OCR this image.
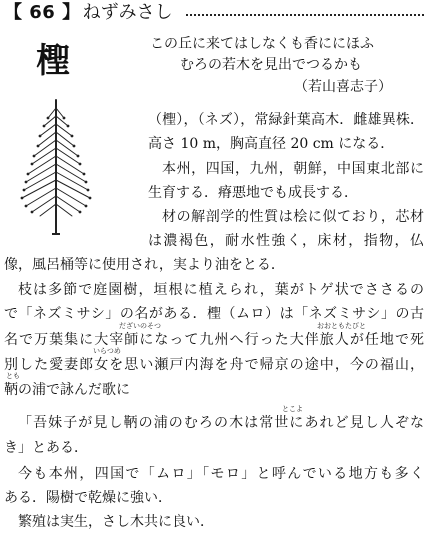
【 66 】 ねずみさし
檉	この丘に来てはしなくも香ににほふ
むろの若木を見出でつるかも
（若山喜志子）
（檉），（ネズ），常緑針葉高木．雌雄異株．
高さ 10 m，胸高直径 20 cm になる．
本州，四国，九州，朝鮮，中国東北部に
生育する．瘠悪地でも成長する．
材の解剖学的性質は桧に似ており，芯材
は濃褐色，耐水性強く，床材，指物，仏
像，風呂桶等に使用され，実より油をとる．
枝は多節で庭園樹，垣根に植えられ，葉がトゲ状でささるの
で「ネズミサシ」の名がある．檉（ムロ）は「ネズミサシ」の古
だざいのそつ	おおともたびと
名で万葉集に大宰師になって九州へ行った大伴旅人が任地で死
いらつめ
別した愛妻郎女を思い瀬戸内海を舟で帰京の途中，今の福山，
とも
鞆の浦で詠んだ歌に
とこよ
「吾妹子が見し鞆の浦のむろの木は常世にあれど見し人ぞな
き」とある．
今も本州，四国で「ムロ」「モロ」と呼んでいる地方も多く
ある．陽樹で乾燥に強い．
繁殖は実生，さし木共に良い．
